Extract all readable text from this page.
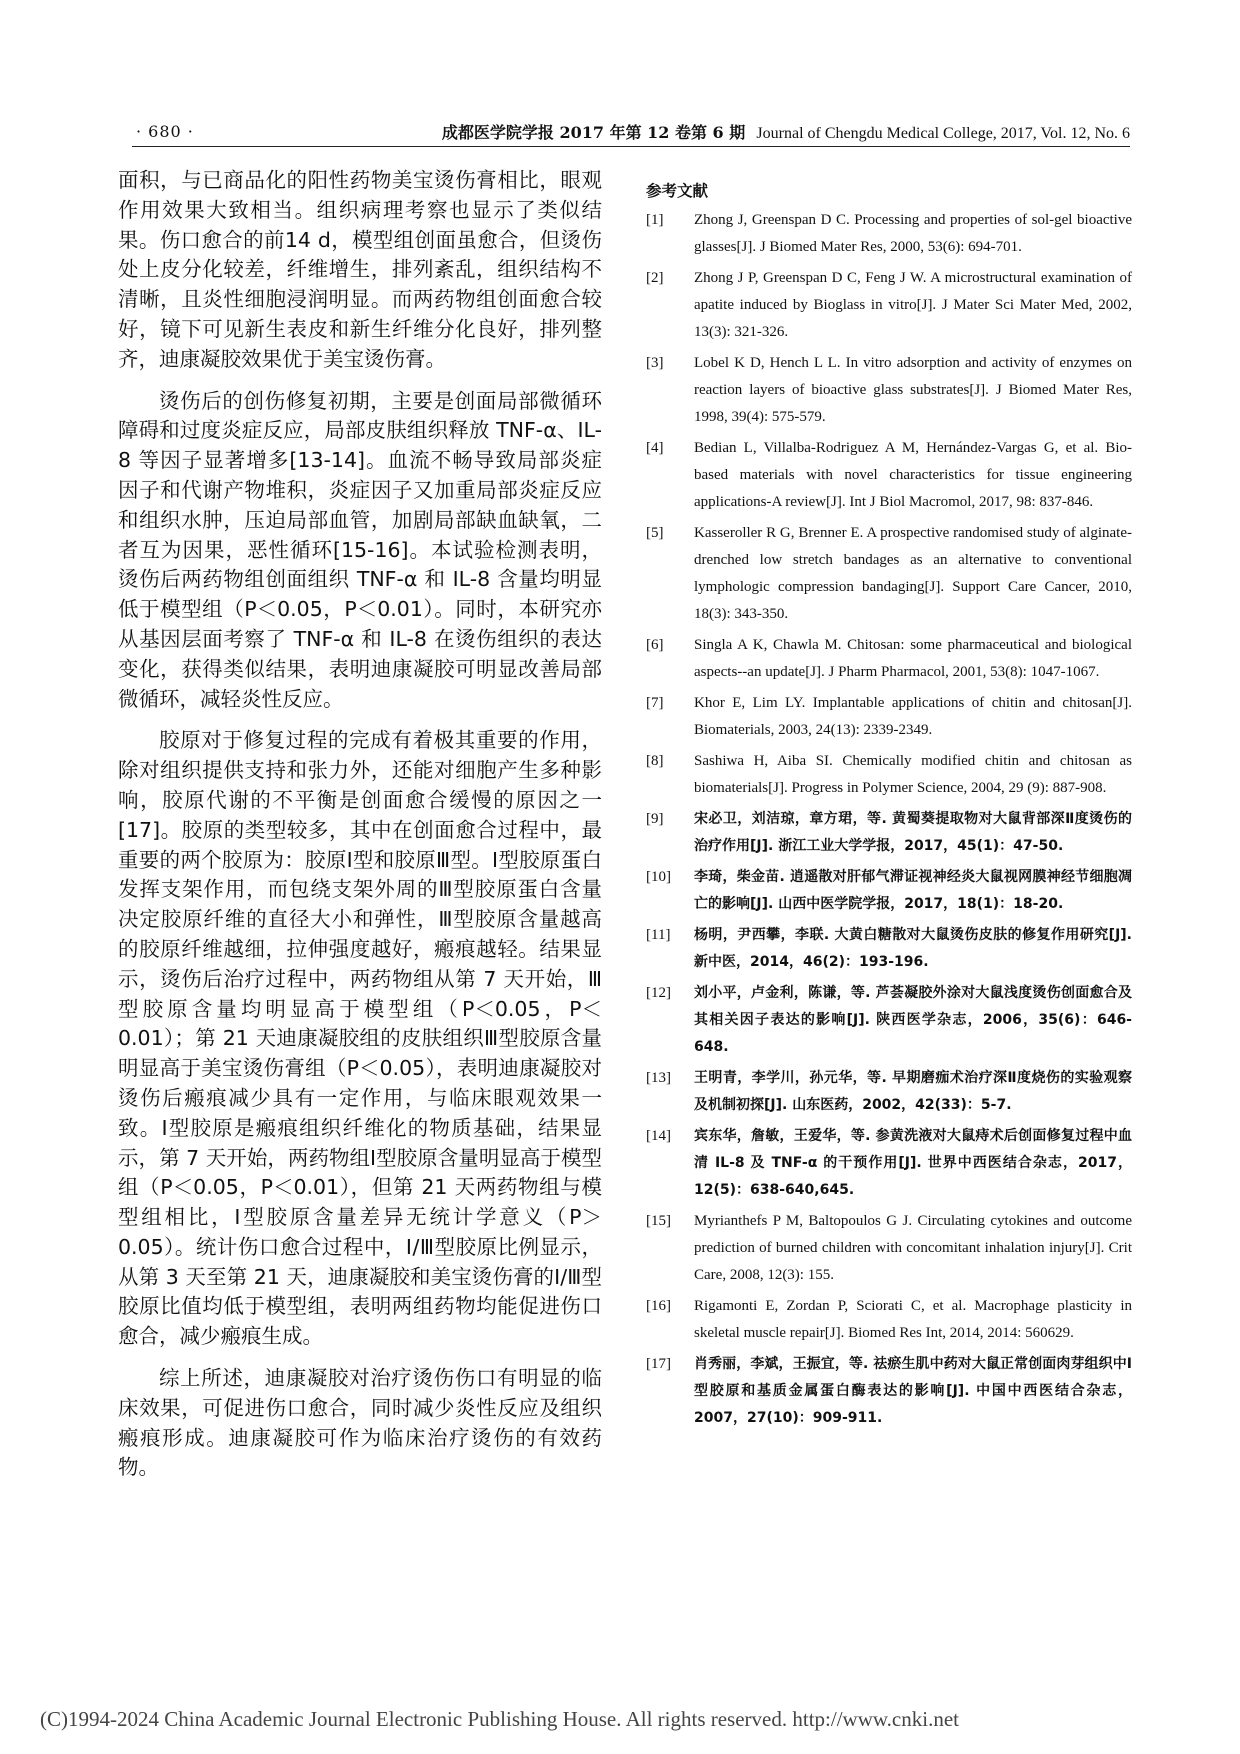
· 680 ·	成都医学院学报 2017 年第 12 卷第 6 期 Journal of Chengdu Medical College, 2017, Vol. 12, No. 6

面积，与已商品化的阳性药物美宝烫伤膏相比，眼观作用效果大致相当。组织病理考察也显示了类似结果。伤口愈合的前14 d，模型组创面虽愈合，但烫伤处上皮分化较差，纤维增生，排列紊乱，组织结构不清晰，且炎性细胞浸润明显。而两药物组创面愈合较好，镜下可见新生表皮和新生纤维分化良好，排列整齐，迪康凝胶效果优于美宝烫伤膏。

烫伤后的创伤修复初期，主要是创面局部微循环障碍和过度炎症反应，局部皮肤组织释放 TNF-α、IL-8 等因子显著增多[13-14]。血流不畅导致局部炎症因子和代谢产物堆积，炎症因子又加重局部炎症反应和组织水肿，压迫局部血管，加剧局部缺血缺氧，二者互为因果，恶性循环[15-16]。本试验检测表明，烫伤后两药物组创面组织 TNF-α 和 IL-8 含量均明显低于模型组（P＜0.05，P＜0.01）。同时，本研究亦从基因层面考察了 TNF-α 和 IL-8 在烫伤组织的表达变化，获得类似结果，表明迪康凝胶可明显改善局部微循环，减轻炎性反应。

胶原对于修复过程的完成有着极其重要的作用，除对组织提供支持和张力外，还能对细胞产生多种影响，胶原代谢的不平衡是创面愈合缓慢的原因之一[17]。胶原的类型较多，其中在创面愈合过程中，最重要的两个胶原为：胶原Ⅰ型和胶原Ⅲ型。Ⅰ型胶原蛋白发挥支架作用，而包绕支架外周的Ⅲ型胶原蛋白含量决定胶原纤维的直径大小和弹性，Ⅲ型胶原含量越高的胶原纤维越细，拉伸强度越好，瘢痕越轻。结果显示，烫伤后治疗过程中，两药物组从第 7 天开始，Ⅲ型胶原含量均明显高于模型组（P＜0.05，P＜0.01）；第 21 天迪康凝胶组的皮肤组织Ⅲ型胶原含量明显高于美宝烫伤膏组（P＜0.05），表明迪康凝胶对烫伤后瘢痕减少具有一定作用，与临床眼观效果一致。Ⅰ型胶原是瘢痕组织纤维化的物质基础，结果显示，第 7 天开始，两药物组Ⅰ型胶原含量明显高于模型组（P＜0.05，P＜0.01），但第 21 天两药物组与模型组相比，Ⅰ型胶原含量差异无统计学意义（P＞0.05）。统计伤口愈合过程中，Ⅰ/Ⅲ型胶原比例显示，从第 3 天至第 21 天，迪康凝胶和美宝烫伤膏的Ⅰ/Ⅲ型胶原比值均低于模型组，表明两组药物均能促进伤口愈合，减少瘢痕生成。

综上所述，迪康凝胶对治疗烫伤伤口有明显的临床效果，可促进伤口愈合，同时减少炎性反应及组织瘢痕形成。迪康凝胶可作为临床治疗烫伤的有效药物。

参考文献
[1]	Zhong J, Greenspan D C. Processing and properties of sol-gel bioactive glasses[J]. J Biomed Mater Res, 2000, 53(6): 694-701.
[2]	Zhong J P, Greenspan D C, Feng J W. A microstructural examination of apatite induced by Bioglass in vitro[J]. J Mater Sci Mater Med, 2002, 13(3): 321-326.
[3]	Lobel K D, Hench L L. In vitro adsorption and activity of enzymes on reaction layers of bioactive glass substrates[J]. J Biomed Mater Res, 1998, 39(4): 575-579.
[4]	Bedian L, Villalba-Rodriguez A M, Hernández-Vargas G, et al. Bio-based materials with novel characteristics for tissue engineering applications-A review[J]. Int J Biol Macromol, 2017, 98: 837-846.
[5]	Kasseroller R G, Brenner E. A prospective randomised study of alginate-drenched low stretch bandages as an alternative to conventional lymphologic compression bandaging[J]. Support Care Cancer, 2010, 18(3): 343-350.
[6]	Singla A K, Chawla M. Chitosan: some pharmaceutical and biological aspects--an update[J]. J Pharm Pharmacol, 2001, 53(8): 1047-1067.
[7]	Khor E, Lim LY. Implantable applications of chitin and chitosan[J]. Biomaterials, 2003, 24(13): 2339-2349.
[8]	Sashiwa H, Aiba SI. Chemically modified chitin and chitosan as biomaterials[J]. Progress in Polymer Science, 2004, 29 (9): 887-908.
[9]	宋必卫，刘洁琼，章方珺，等. 黄蜀葵提取物对大鼠背部深Ⅱ度烫伤的治疗作用[J]. 浙江工业大学学报，2017，45(1)：47-50.
[10]	李琦，柴金苗. 逍遥散对肝郁气滞证视神经炎大鼠视网膜神经节细胞凋亡的影响[J]. 山西中医学院学报，2017，18(1)：18-20.
[11]	杨明，尹西攀，李联. 大黄白糖散对大鼠烫伤皮肤的修复作用研究[J]. 新中医，2014，46(2)：193-196.
[12]	刘小平，卢金利，陈谦，等. 芦荟凝胶外涂对大鼠浅度烫伤创面愈合及其相关因子表达的影响[J]. 陕西医学杂志，2006，35(6)：646-648.
[13]	王明青，李学川，孙元华，等. 早期磨痂术治疗深Ⅱ度烧伤的实验观察及机制初探[J]. 山东医药，2002，42(33)：5-7.
[14]	宾东华，詹敏，王爱华，等. 参黄洗液对大鼠痔术后创面修复过程中血清 IL-8 及 TNF-α 的干预作用[J]. 世界中西医结合杂志，2017，12(5)：638-640,645.
[15]	Myrianthefs P M, Baltopoulos G J. Circulating cytokines and outcome prediction of burned children with concomitant inhalation injury[J]. Crit Care, 2008, 12(3): 155.
[16]	Rigamonti E, Zordan P, Sciorati C, et al. Macrophage plasticity in skeletal muscle repair[J]. Biomed Res Int, 2014, 2014: 560629.
[17]	肖秀丽，李斌，王振宜，等. 祛瘀生肌中药对大鼠正常创面肉芽组织中Ⅰ型胶原和基质金属蛋白酶表达的影响[J]. 中国中西医结合杂志，2007，27(10)：909-911.
(C)1994-2024 China Academic Journal Electronic Publishing House. All rights reserved. http://www.cnki.net
